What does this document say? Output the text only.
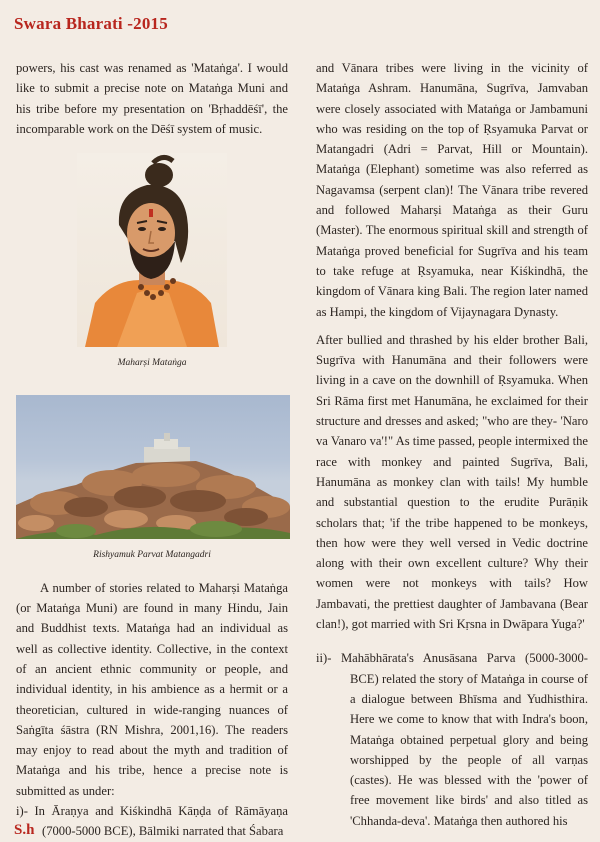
Swara Bharati -2015

powers, his cast was renamed as 'Mataṅga'. I would like to submit a precise note on Mataṅga Muni and his tribe before my presentation on 'Bṛhaddēśī', the incomparable work on the Dēśī system of music.

Maharṣi Mataṅga
Rishyamuk Parvat Matangadri

A number of stories related to Maharṣi Mataṅga (or Mataṅga Muni) are found in many Hindu, Jain and Buddhist texts. Mataṅga had an individual as well as collective identity. Collective, in the context of an ancient ethnic community or people, and individual identity, in his ambience as a hermit or a theoretician, cultured in wide-ranging nuances of Saṅgīta śāstra (RN Mishra, 2001,16). The readers may enjoy to read about the myth and tradition of Mataṅga and his tribe, hence a precise note is submitted as under:

i)- In Āraṇya and Kiśkindhā Kāṇḍa of Rāmāyaṇa (7000-5000 BCE), Bālmiki narrated that Śabara

and Vānara tribes were living in the vicinity of Mataṅga Ashram. Hanumāna, Sugrīva, Jamvaban were closely associated with Mataṅga or Jambamuni who was residing on the top of Ṛsyamuka Parvat or Matangadri (Adri = Parvat, Hill or Mountain). Mataṅga (Elephant) sometime was also referred as Nagavamsa (serpent clan)! The Vānara tribe revered and followed Maharṣi Mataṅga as their Guru (Master). The enormous spiritual skill and strength of Mataṅga proved beneficial for Sugrīva and his team to take refuge at Ṛsyamuka, near Kiśkindhā, the kingdom of Vānara king Bali. The region later named as Hampi, the kingdom of Vijaynagara Dynasty.

After bullied and thrashed by his elder brother Bali, Sugrīva with Hanumāna and their followers were living in a cave on the downhill of Ṛsyamuka. When Sri Rāma first met Hanumāna, he exclaimed for their structure and dresses and asked; "who are they- 'Naro va Vanaro va'!" As time passed, people intermixed the race with monkey and painted Sugrīva, Bali, Hanumāna as monkey clan with tails! My humble and substantial question to the erudite Purāṇik scholars that; 'if the tribe happened to be monkeys, then how were they well versed in Vedic doctrine along with their own excellent culture? Why their women were not monkeys with tails? How Jambavati, the prettiest daughter of Jambavana (Bear clan!), got married with Sri Kṛsna in Dwāpara Yuga?'

ii)- Mahābhārata's Anusāsana Parva (5000-3000-BCE) related the story of Mataṅga in course of a dialogue between Bhīsma and Yudhisthira. Here we come to know that with Indra's boon, Mataṅga obtained perpetual glory and being worshipped by the people of all varṇas (castes). He was blessed with the 'power of free movement like birds' and also titled as 'Chhanda-deva'. Mataṅga then authored his

S.h
